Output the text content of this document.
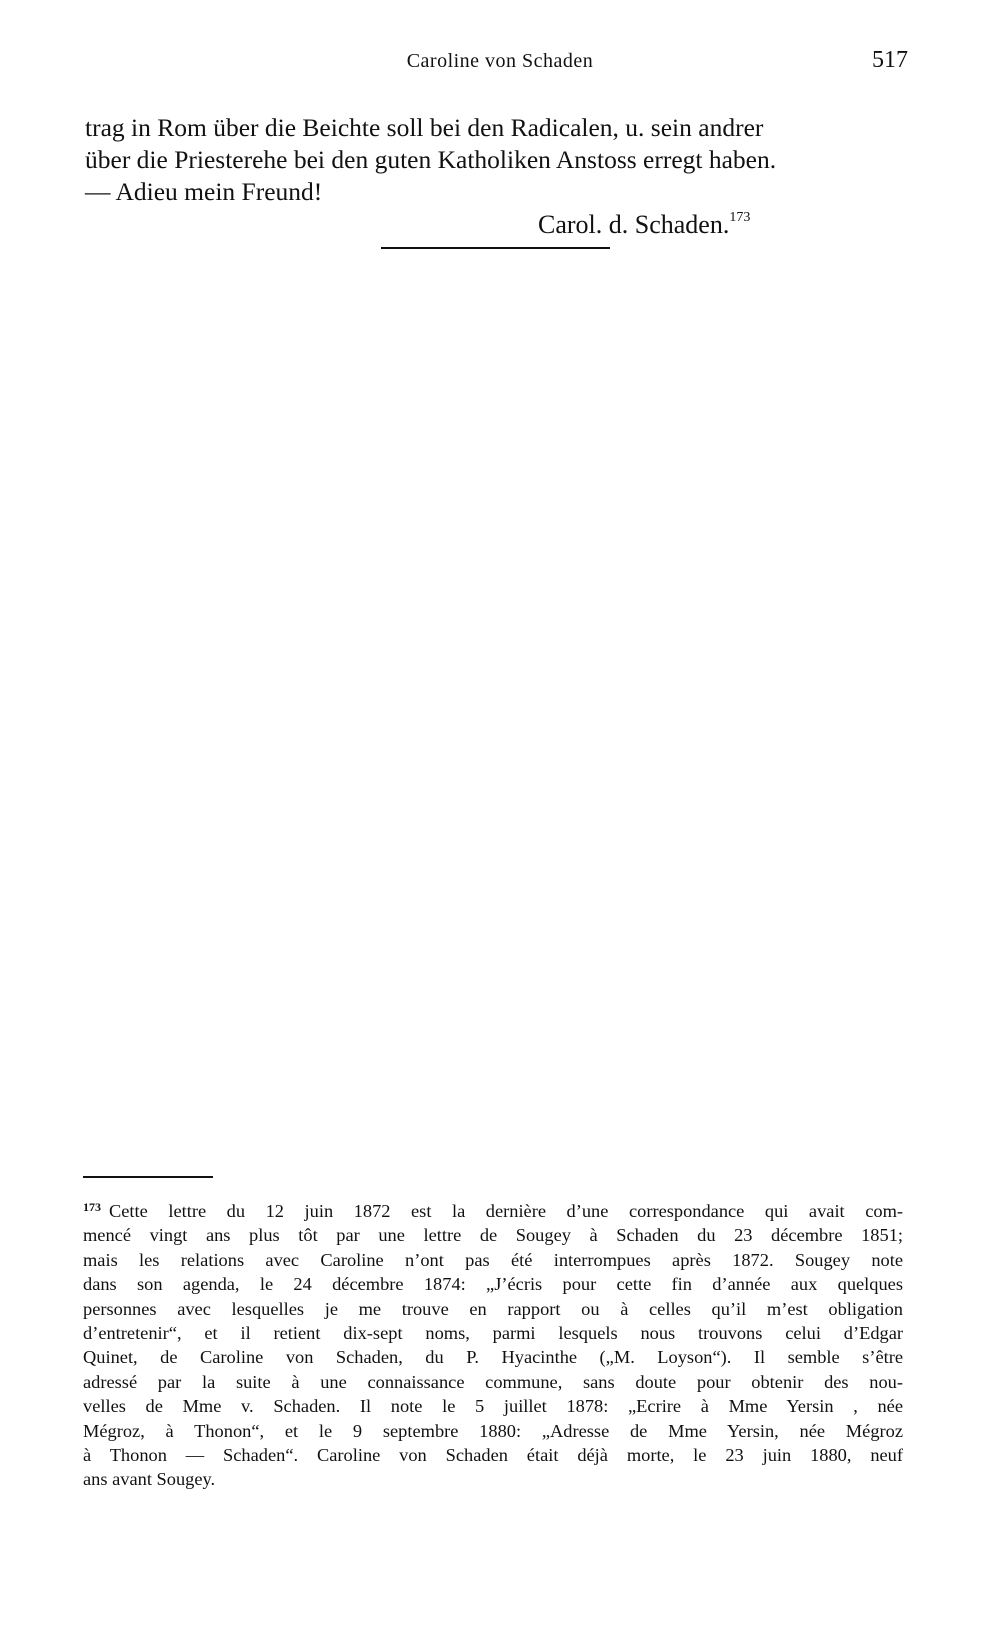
Caroline von Schaden	517
trag in Rom über die Beichte soll bei den Radicalen, u. sein andrer
über die Priesterehe bei den guten Katholiken Anstoss erregt haben.
— Adieu mein Freund!
Carol. d. Schaden.$^{173}$
$^{173}$ Cette lettre du 12 juin 1872 est la dernière d’une correspondance qui avait com-
mencé vingt ans plus tôt par une lettre de Sougey à Schaden du 23 décembre 1851;
mais les relations avec Caroline n’ont pas été interrompues après 1872. Sougey note
dans son agenda, le 24 décembre 1874: „J’écris pour cette fin d’année aux quelques
personnes avec lesquelles je me trouve en rapport ou à celles qu’il m’est obligation
d’entretenir“, et il retient dix-sept noms, parmi lesquels nous trouvons celui d’Edgar
Quinet, de Caroline von Schaden, du P. Hyacinthe („M. Loyson“). Il semble s’être
adressé par la suite à une connaissance commune, sans doute pour obtenir des nou-
velles de Mme v. Schaden. Il note le 5 juillet 1878: „Ecrire à Mme Yersin , née
Mégroz, à Thonon“, et le 9 septembre 1880: „Adresse de Mme Yersin, née Mégroz
à Thonon — Schaden“. Caroline von Schaden était déjà morte, le 23 juin 1880, neuf
ans avant Sougey.
